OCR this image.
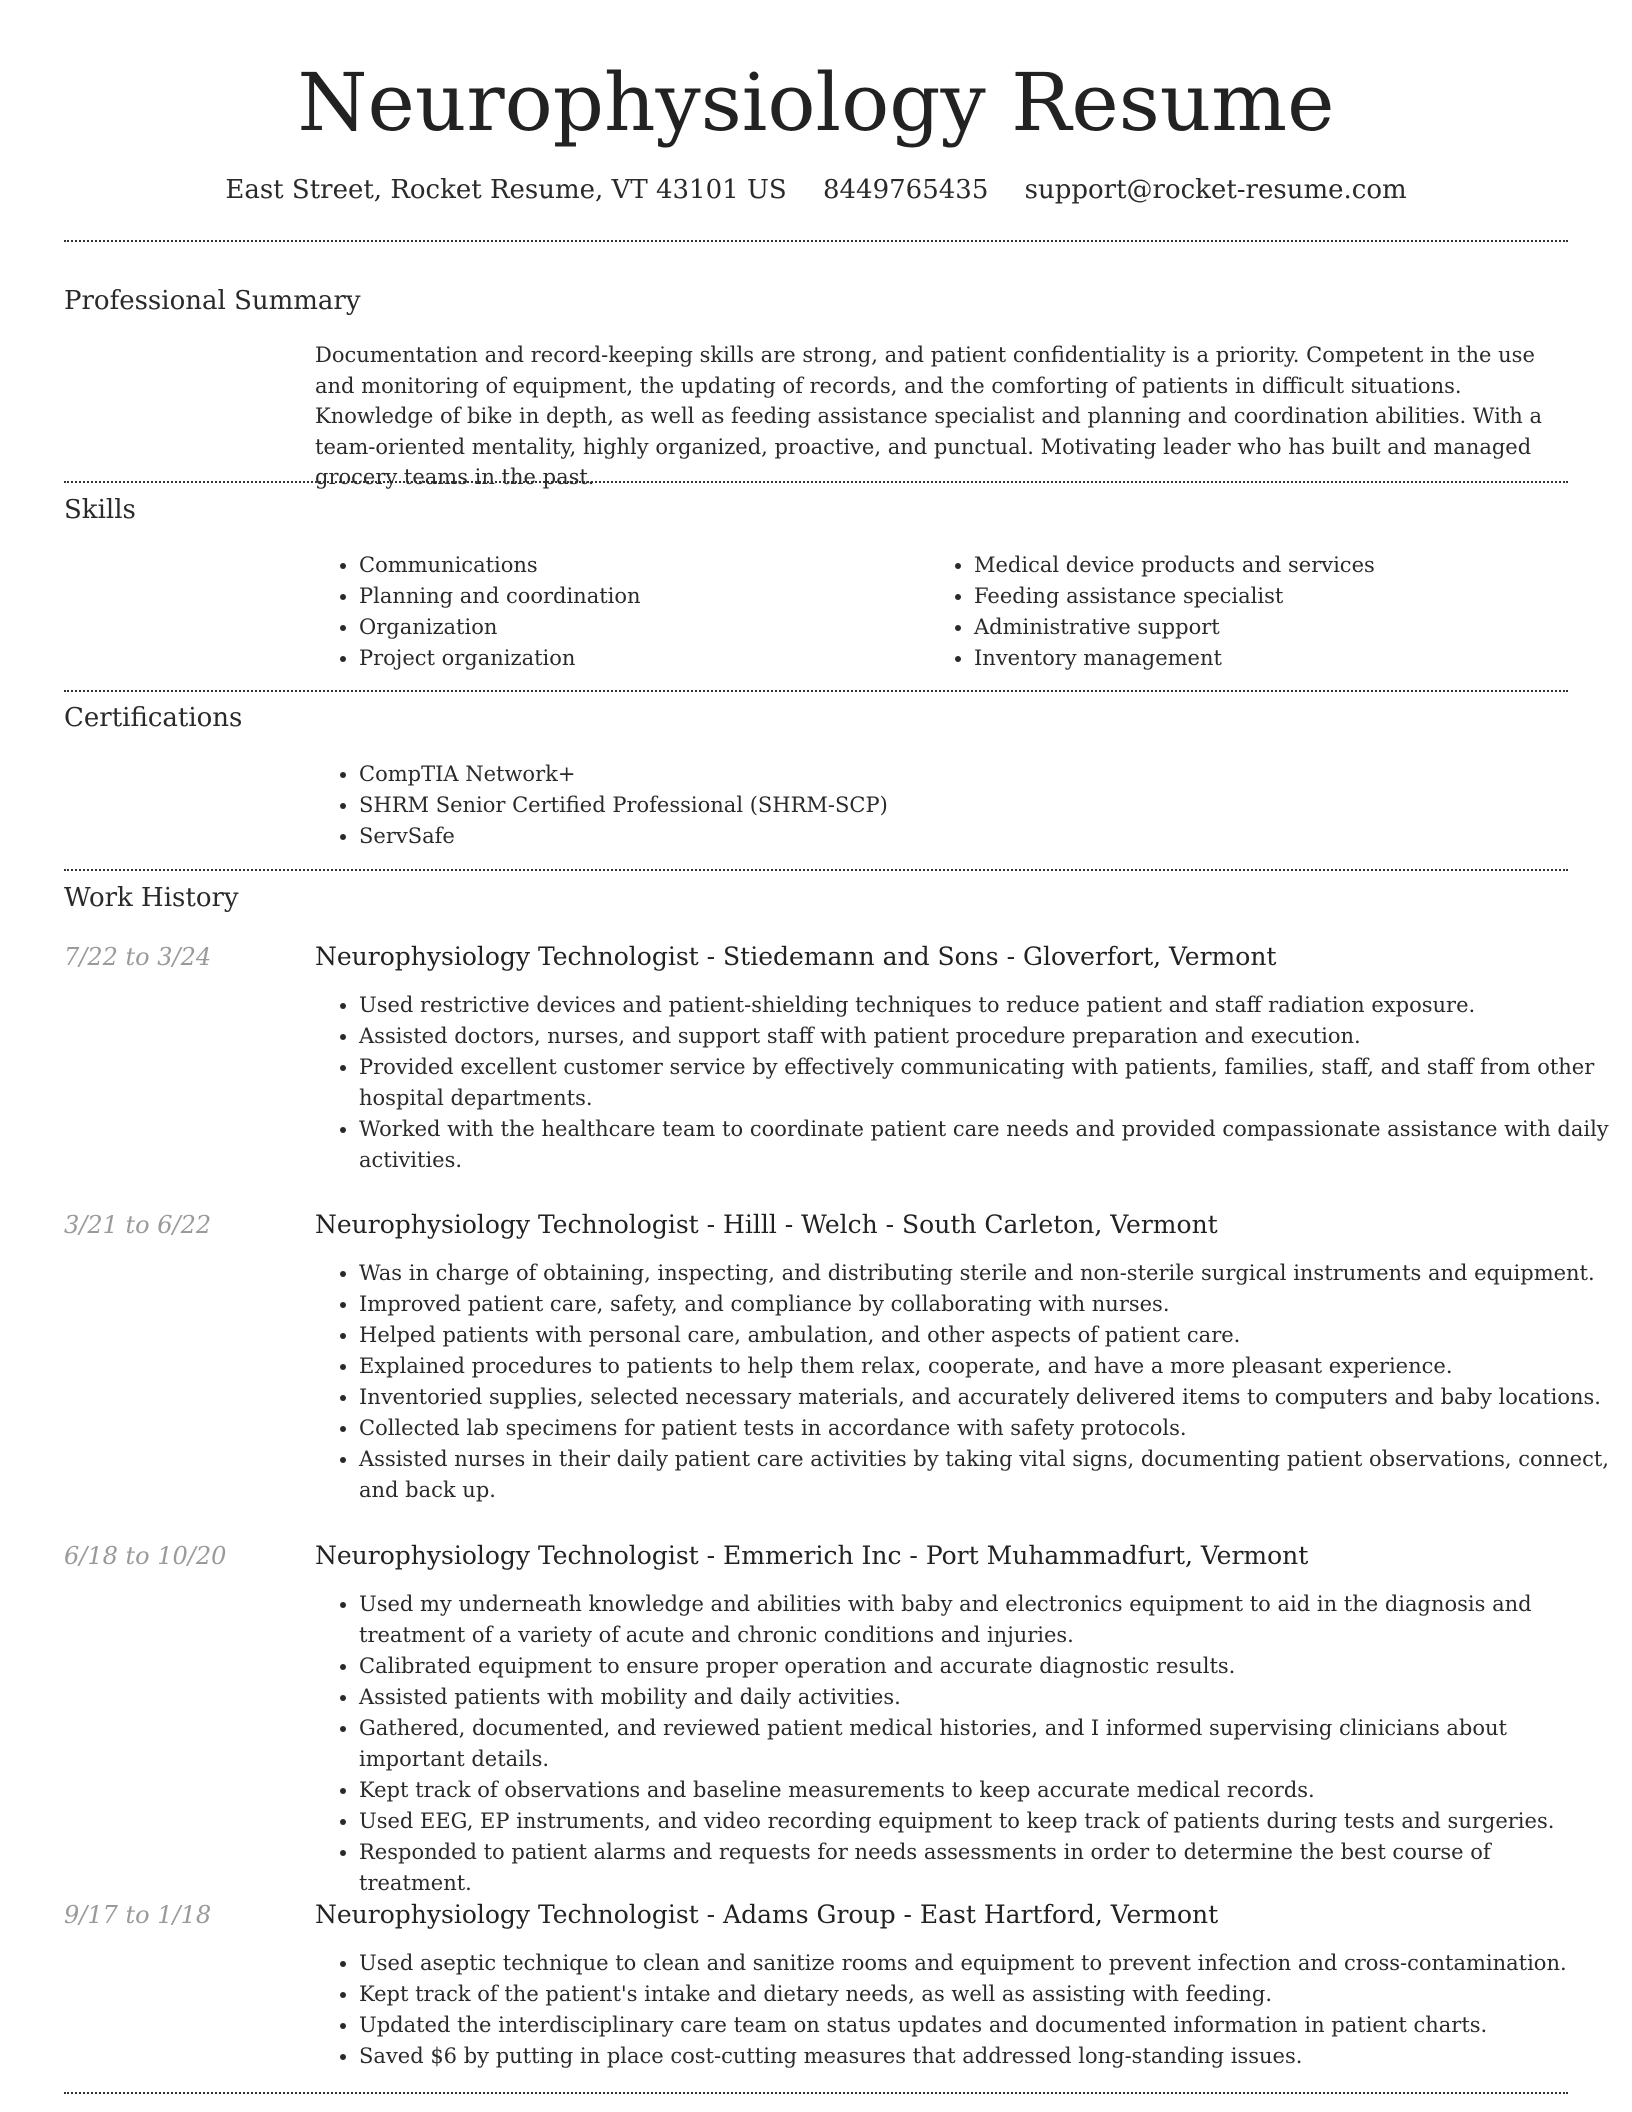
Neurophysiology Resume
East Street, Rocket Resume, VT 43101 US 8449765435 support@rocket-resume.com
Professional Summary

Documentation and record-keeping skills are strong, and patient confidentiality is a priority. Competent in the use and monitoring of equipment, the updating of records, and the comforting of patients in difficult situations. Knowledge of bike in depth, as well as feeding assistance specialist and planning and coordination abilities. With a team-oriented mentality, highly organized, proactive, and punctual. Motivating leader who has built and managed grocery teams in the past.

Skills
• Communications
• Planning and coordination
• Organization
• Project organization
• Medical device products and services
• Feeding assistance specialist
• Administrative support
• Inventory management
Certifications
• CompTIA Network+
• SHRM Senior Certified Professional (SHRM-SCP)
• ServSafe
Work History
7/22 to 3/24	Neurophysiology Technologist - Stiedemann and Sons - Gloverfort, Vermont
• Used restrictive devices and patient-shielding techniques to reduce patient and staff radiation exposure.
• Assisted doctors, nurses, and support staff with patient procedure preparation and execution.
• Provided excellent customer service by effectively communicating with patients, families, staff, and staff from other hospital departments.
• Worked with the healthcare team to coordinate patient care needs and provided compassionate assistance with daily activities.
3/21 to 6/22	Neurophysiology Technologist - Hilll - Welch - South Carleton, Vermont
• Was in charge of obtaining, inspecting, and distributing sterile and non-sterile surgical instruments and equipment.
• Improved patient care, safety, and compliance by collaborating with nurses.
• Helped patients with personal care, ambulation, and other aspects of patient care.
• Explained procedures to patients to help them relax, cooperate, and have a more pleasant experience.
• Inventoried supplies, selected necessary materials, and accurately delivered items to computers and baby locations.
• Collected lab specimens for patient tests in accordance with safety protocols.
• Assisted nurses in their daily patient care activities by taking vital signs, documenting patient observations, connect, and back up.
6/18 to 10/20	Neurophysiology Technologist - Emmerich Inc - Port Muhammadfurt, Vermont
• Used my underneath knowledge and abilities with baby and electronics equipment to aid in the diagnosis and treatment of a variety of acute and chronic conditions and injuries.
• Calibrated equipment to ensure proper operation and accurate diagnostic results.
• Assisted patients with mobility and daily activities.
• Gathered, documented, and reviewed patient medical histories, and I informed supervising clinicians about important details.
• Kept track of observations and baseline measurements to keep accurate medical records.
• Used EEG, EP instruments, and video recording equipment to keep track of patients during tests and surgeries.
• Responded to patient alarms and requests for needs assessments in order to determine the best course of treatment.
9/17 to 1/18	Neurophysiology Technologist - Adams Group - East Hartford, Vermont
• Used aseptic technique to clean and sanitize rooms and equipment to prevent infection and cross-contamination.
• Kept track of the patient's intake and dietary needs, as well as assisting with feeding.
• Updated the interdisciplinary care team on status updates and documented information in patient charts.
• Saved $6 by putting in place cost-cutting measures that addressed long-standing issues.
